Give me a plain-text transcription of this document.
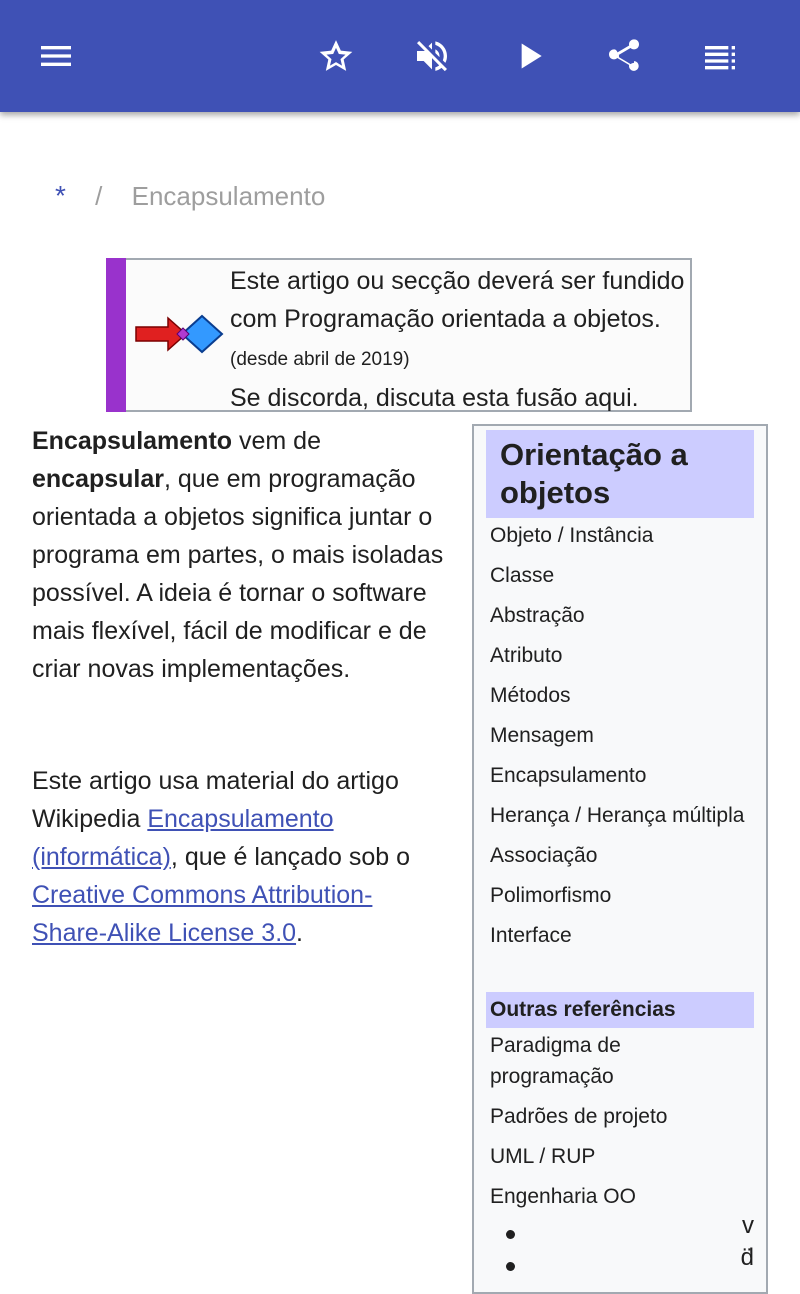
* / Encapsulamento
Este artigo ou secção deverá ser fundido com Programação orientada a objetos. (desde abril de 2019)
Se discorda, discuta esta fusão aqui.

Encapsulamento vem de encapsular, que em programação orientada a objetos significa juntar o programa em partes, o mais isoladas possível. A ideia é tornar o software mais flexível, fácil de modificar e de criar novas implementações.

Este artigo usa material do artigo Wikipedia Encapsulamento (informática), que é lançado sob o Creative Commons Attribution-Share-Alike License 3.0.

Orientação a objetos
Objeto / Instância
Classe
Abstração
Atributo
Métodos
Mensagem
Encapsulamento
Herança / Herança múltipla
Associação
Polimorfismo
Interface
Outras referências
Paradigma de programação
Padrões de projeto
UML / RUP
Engenharia OO
v
d̈
